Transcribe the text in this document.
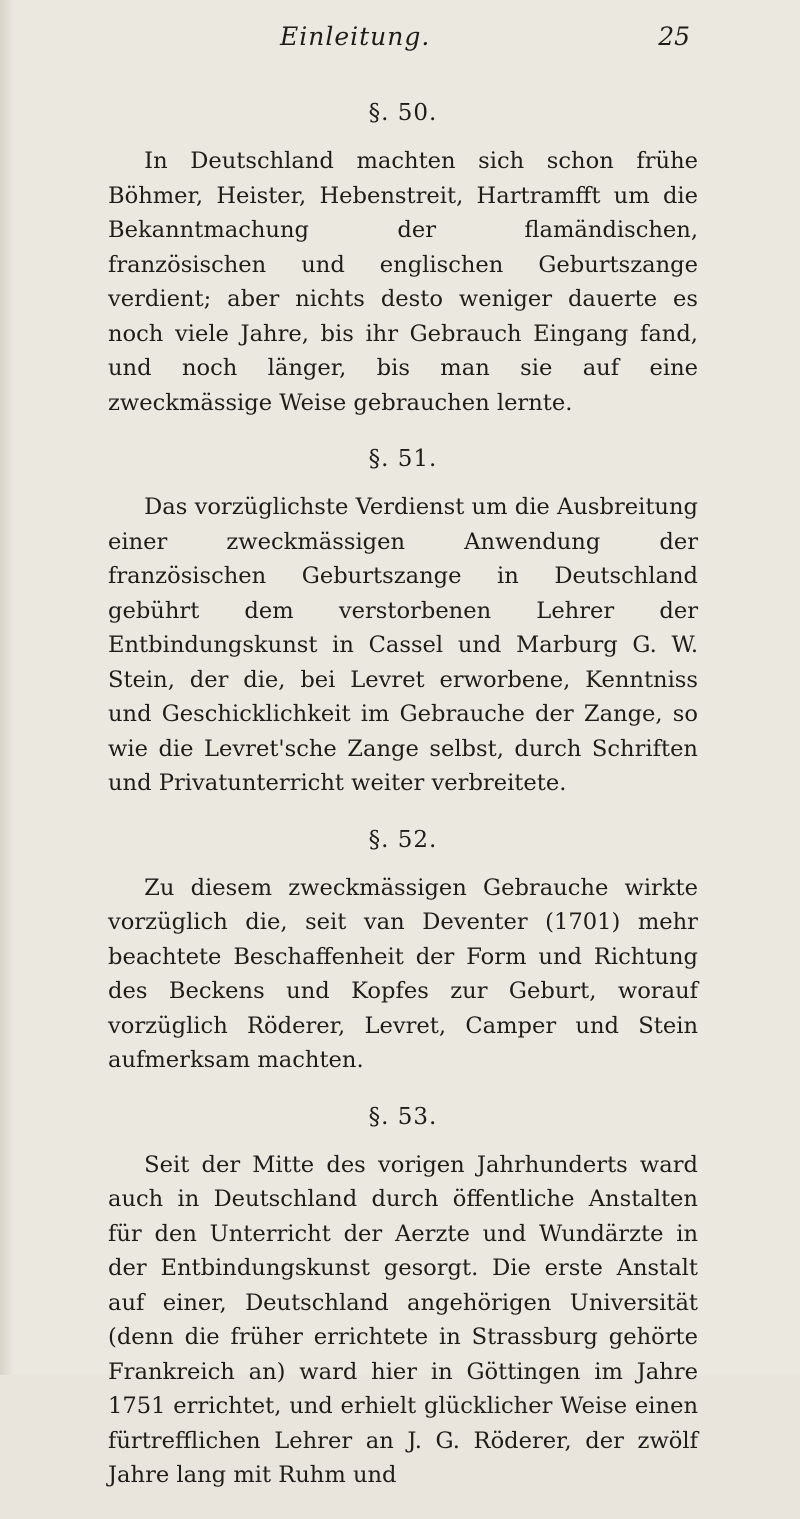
Einleitung.	25

§. 50.

In Deutschland machten sich schon frühe Böhmer, Heister, Hebenstreit, Hartramfft um die Bekanntmachung der flamändischen, französischen und englischen Geburtszange verdient; aber nichts desto weniger dauerte es noch viele Jahre, bis ihr Gebrauch Eingang fand, und noch länger, bis man sie auf eine zweckmässige Weise gebrauchen lernte.

§. 51.

Das vorzüglichste Verdienst um die Ausbreitung einer zweckmässigen Anwendung der französischen Geburtszange in Deutschland gebührt dem verstorbenen Lehrer der Entbindungskunst in Cassel und Marburg G. W. Stein, der die, bei Levret erworbene, Kenntniss und Geschicklichkeit im Gebrauche der Zange, so wie die Levret'sche Zange selbst, durch Schriften und Privatunterricht weiter verbreitete.

§. 52.

Zu diesem zweckmässigen Gebrauche wirkte vorzüglich die, seit van Deventer (1701) mehr beachtete Beschaffenheit der Form und Richtung des Beckens und Kopfes zur Geburt, worauf vorzüglich Röderer, Levret, Camper und Stein aufmerksam machten.

§. 53.

Seit der Mitte des vorigen Jahrhunderts ward auch in Deutschland durch öffentliche Anstalten für den Unterricht der Aerzte und Wundärzte in der Entbindungskunst gesorgt. Die erste Anstalt auf einer, Deutschland angehörigen Universität (denn die früher errichtete in Strassburg gehörte Frankreich an) ward hier in Göttingen im Jahre 1751 errichtet, und erhielt glücklicher Weise einen fürtrefflichen Lehrer an J. G. Röderer, der zwölf Jahre lang mit Ruhm und
